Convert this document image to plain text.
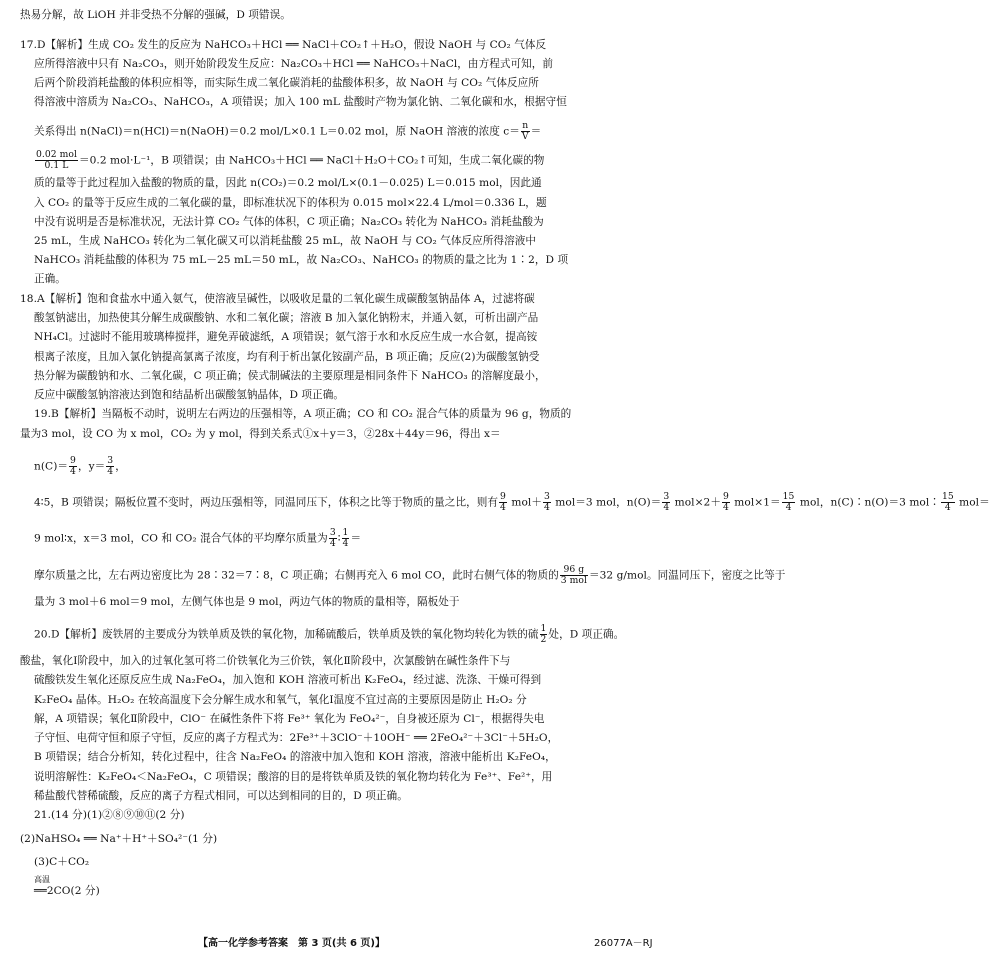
热易分解，故 LiOH 并非受热不分解的强碱，D 项错误。
17.D【解析】生成 CO₂ 发生的反应为 NaHCO₃＋HCl ══ NaCl＋CO₂↑＋H₂O，假设 NaOH 与 CO₂ 气体反
应所得溶液中只有 Na₂CO₃，则开始阶段发生反应：Na₂CO₃＋HCl ══ NaHCO₃＋NaCl，由方程式可知，前
后两个阶段消耗盐酸的体积应相等，而实际生成二氧化碳消耗的盐酸体积多，故 NaOH 与 CO₂ 气体反应所
得溶液中溶质为 Na₂CO₃、NaHCO₃，A 项错误；加入 100 mL 盐酸时产物为氯化钠、二氧化碳和水，根据守恒
关系得出 n(NaCl)＝n(HCl)＝n(NaOH)＝0.2 mol/L×0.1 L＝0.02 mol，原 NaOH 溶液的浓度 $c= \frac{n}{V}$ ＝
$\frac{\text{0.02 mol}}{0.1 L} =0.2$ mol·L⁻¹，B 项错误；由 NaHCO₃＋HCl ══ NaCl＋H₂O＋CO₂↑可知，生成二氧化碳的物
质的量等于此过程加入盐酸的物质的量，因此 n(CO₂)＝0.2 mol/L×(0.1－0.025) L＝0.015 mol，因此通
入 CO₂ 的量等于反应生成的二氧化碳的量，即标准状况下的体积为 0.015 mol×22.4 L/mol＝0.336 L，题
中没有说明是否是标准状况，无法计算 CO₂ 气体的体积，C 项正确；Na₂CO₃ 转化为 NaHCO₃ 消耗盐酸为
25 mL，生成 NaHCO₃ 转化为二氧化碳又可以消耗盐酸 25 mL，故 NaOH 与 CO₂ 气体反应所得溶液中
NaHCO₃ 消耗盐酸的体积为 75 mL－25 mL＝50 mL，故 Na₂CO₃、NaHCO₃ 的物质的量之比为 1∶2，D 项
正确。
18.A【解析】饱和食盐水中通入氨气，使溶液呈碱性，以吸收足量的二氧化碳生成碳酸氢钠晶体 A，过滤将碳
酸氢钠滤出，加热使其分解生成碳酸钠、水和二氧化碳；溶液 B 加入氯化钠粉末，并通入氨，可析出副产品
NH₄Cl。过滤时不能用玻璃棒搅拌，避免弄破滤纸，A 项错误；氨气溶于水和水反应生成一水合氨，提高铵
根离子浓度，且加入氯化钠提高氯离子浓度，均有利于析出氯化铵副产品，B 项正确；反应(2)为碳酸氢钠受
热分解为碳酸钠和水、二氧化碳，C 项正确；侯式制碱法的主要原理是相同条件下 NaHCO₃ 的溶解度最小，
反应中碳酸氢钠溶液达到饱和结晶析出碳酸氢钠晶体，D 项正确。
19.B【解析】当隔板不动时，说明左右两边的压强相等，A 项正确；CO 和 CO₂ 混合气体的质量为 96 g，物质的
量为3 mol，设 CO 为 x mol，CO₂ 为 y mol，得到关系式①x＋y＝3，②28x＋44y＝96，得出 x＝
$n(C)= \frac{9}{4}$ ，$y= \frac{3}{4}$ ，
4∶5，B 项错误；隔板位置不变时，两边压强相等，同温同压下，体积之比等于物质的量之比，则有 $\frac{9}{4} mol+ \frac{3}{4} mol=3$ mol，$n(O)= \frac{3}{4} mol\times 2+ \frac{9}{4} mol\times 1= \frac{15}{4}$ mol，n(C)∶n(O)＝3 mol∶ $\frac{15}{4} mol=$
9 mol∶x，x＝3 mol，CO 和 CO₂ 混合气体的平均摩尔质量为 $\frac{3}{4}$ ∶ $\frac{1}{4}$ ＝
摩尔质量之比，左右两边密度比为 28∶32＝7∶8，C 项正确；右侧再充入 6 mol CO，此时右侧气体的物质的 $\frac{96 g}{\text{3 mol}} =32$ g/mol。同温同压下，密度之比等于
量为 3 mol＋6 mol＝9 mol，左侧气体也是 9 mol，两边气体的物质的量相等，隔板处于
20.D【解析】废铁屑的主要成分为铁单质及铁的氧化物，加稀硫酸后，铁单质及铁的氧化物均转化为铁的硫 $\frac{1}{2}$ 处，D 项正确。
酸盐，氧化Ⅰ阶段中，加入的过氧化氢可将二价铁氧化为三价铁，氧化Ⅱ阶段中，次氯酸钠在碱性条件下与
硫酸铁发生氧化还原反应生成 Na₂FeO₄，加入饱和 KOH 溶液可析出 K₂FeO₄，经过滤、洗涤、干燥可得到
K₂FeO₄ 晶体。H₂O₂ 在较高温度下会分解生成水和氧气，氧化Ⅰ温度不宜过高的主要原因是防止 H₂O₂ 分
解，A 项错误；氧化Ⅱ阶段中，ClO⁻ 在碱性条件下将 Fe³⁺ 氧化为 FeO₄²⁻，自身被还原为 Cl⁻，根据得失电
子守恒、电荷守恒和原子守恒，反应的离子方程式为：2Fe³⁺＋3ClO⁻＋10OH⁻ ══ 2FeO₄²⁻＋3Cl⁻＋5H₂O，
B 项错误；结合分析知，转化过程中，往含 Na₂FeO₄ 的溶液中加入饱和 KOH 溶液，溶液中能析出 K₂FeO₄，
说明溶解性：K₂FeO₄＜Na₂FeO₄，C 项错误；酸溶的目的是将铁单质及铁的氧化物均转化为 Fe³⁺、Fe²⁺，用
稀盐酸代替稀硫酸，反应的离子方程式相同，可以达到相同的目的，D 项正确。
21.(14 分)(1)②⑧⑨⑩⑪(2 分)
(2)NaHSO₄ ══ Na⁺＋H⁺＋SO₄²⁻(1 分)
(3)C＋CO₂
高温
══2CO(2 分)
【高一化学参考答案　第 3 页(共 6 页)】	26077A－RJ
